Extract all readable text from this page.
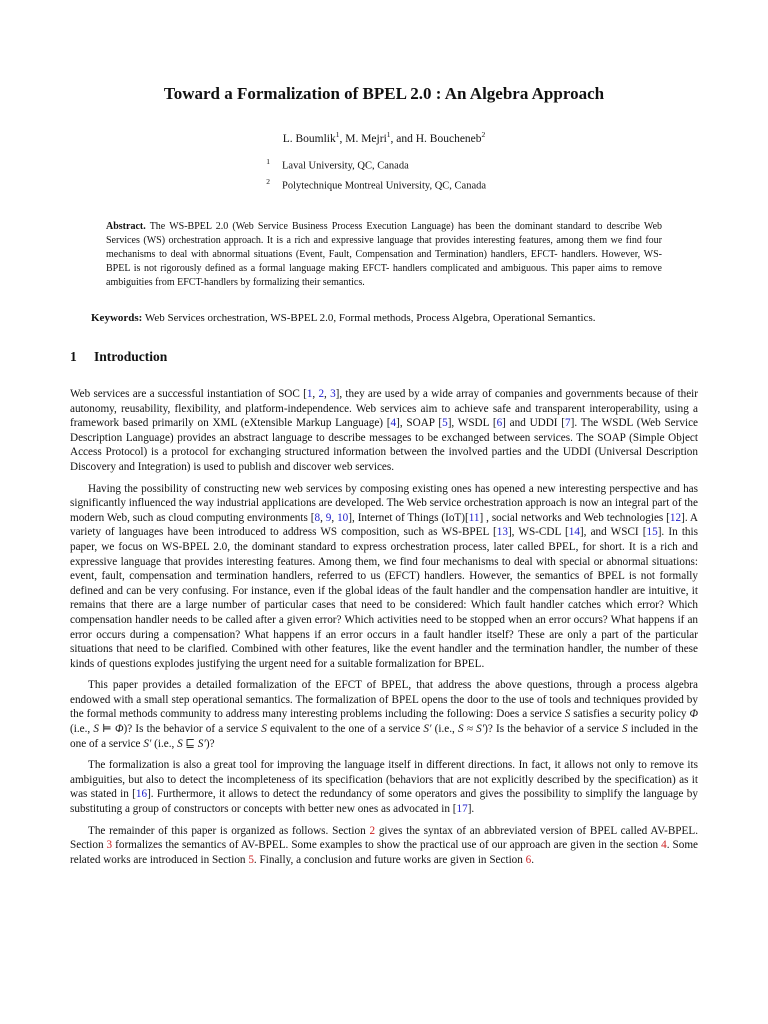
Toward a Formalization of BPEL 2.0 : An Algebra Approach
L. Boumlik$^1$, M. Mejri$^1$, and H. Boucheneb$^2$
$^1$ Laval University, QC, Canada
$^2$ Polytechnique Montreal University, QC, Canada
Abstract. The WS-BPEL 2.0 (Web Service Business Process Execution Language) has been the dominant standard to describe Web Services (WS) orchestration approach. It is a rich and expressive language that provides interesting features, among them we find four mechanisms to deal with abnormal situations (Event, Fault, Compensation and Termination) handlers, EFCT- handlers. However, WS-BPEL is not rigorously defined as a formal language making EFCT- handlers complicated and ambiguous. This paper aims to remove ambiguities from EFCT-handlers by formalizing their semantics.
Keywords: Web Services orchestration, WS-BPEL 2.0, Formal methods, Process Algebra, Operational Semantics.
1 Introduction

Web services are a successful instantiation of SOC [1, 2, 3], they are used by a wide array of companies and governments because of their autonomy, reusability, flexibility, and platform-independence. Web services aim to achieve safe and transparent interoperability, using a framework based primarily on XML (eXtensible Markup Language) [4], SOAP [5], WSDL [6] and UDDI [7]. The WSDL (Web Service Description Language) provides an abstract language to describe messages to be exchanged between services. The SOAP (Simple Object Access Protocol) is a protocol for exchanging structured information between the involved parties and the UDDI (Universal Description Discovery and Integration) is used to publish and discover web services.

Having the possibility of constructing new web services by composing existing ones has opened a new interesting perspective and has significantly influenced the way industrial applications are developed. The Web service orchestration approach is now an integral part of the modern Web, such as cloud computing environments [8, 9, 10], Internet of Things (IoT)[11] , social networks and Web technologies [12]. A variety of languages have been introduced to address WS composition, such as WS-BPEL [13], WS-CDL [14], and WSCI [15]. In this paper, we focus on WS-BPEL 2.0, the dominant standard to express orchestration process, later called BPEL, for short. It is a rich and expressive language that provides interesting features. Among them, we find four mechanisms to deal with special or abnormal situations: event, fault, compensation and termination handlers, referred to us (EFCT) handlers. However, the semantics of BPEL is not formally defined and can be very confusing. For instance, even if the global ideas of the fault handler and the compensation handler are intuitive, it remains that there are a large number of particular cases that need to be considered: Which fault handler catches which error? Which compensation handler needs to be called after a given error? Which activities need to be stopped when an error occurs? What happens if an error occurs during a compensation? What happens if an error occurs in a fault handler itself? These are only a part of the particular situations that need to be clarified. Combined with other features, like the event handler and the termination handler, the number of these kinds of questions explodes justifying the urgent need for a suitable formalization for BPEL.

This paper provides a detailed formalization of the EFCT of BPEL, that address the above questions, through a process algebra endowed with a small step operational semantics. The formalization of BPEL opens the door to the use of tools and techniques provided by the formal methods community to address many interesting problems including the following: Does a service S satisfies a security policy Φ (i.e., S ⊨ Φ)? Is the behavior of a service S equivalent to the one of a service S′ (i.e., S ≈ S′)? Is the behavior of a service S included in the one of a service S′ (i.e., S ⊑ S′)?

The formalization is also a great tool for improving the language itself in different directions. In fact, it allows not only to remove its ambiguities, but also to detect the incompleteness of its specification (behaviors that are not explicitly described by the specification) as it was stated in [16]. Furthermore, it allows to detect the redundancy of some operators and gives the possibility to simplify the language by substituting a group of constructors or concepts with better new ones as advocated in [17].

The remainder of this paper is organized as follows. Section 2 gives the syntax of an abbreviated version of BPEL called AV-BPEL. Section 3 formalizes the semantics of AV-BPEL. Some examples to show the practical use of our approach are given in the section 4. Some related works are introduced in Section 5. Finally, a conclusion and future works are given in Section 6.
